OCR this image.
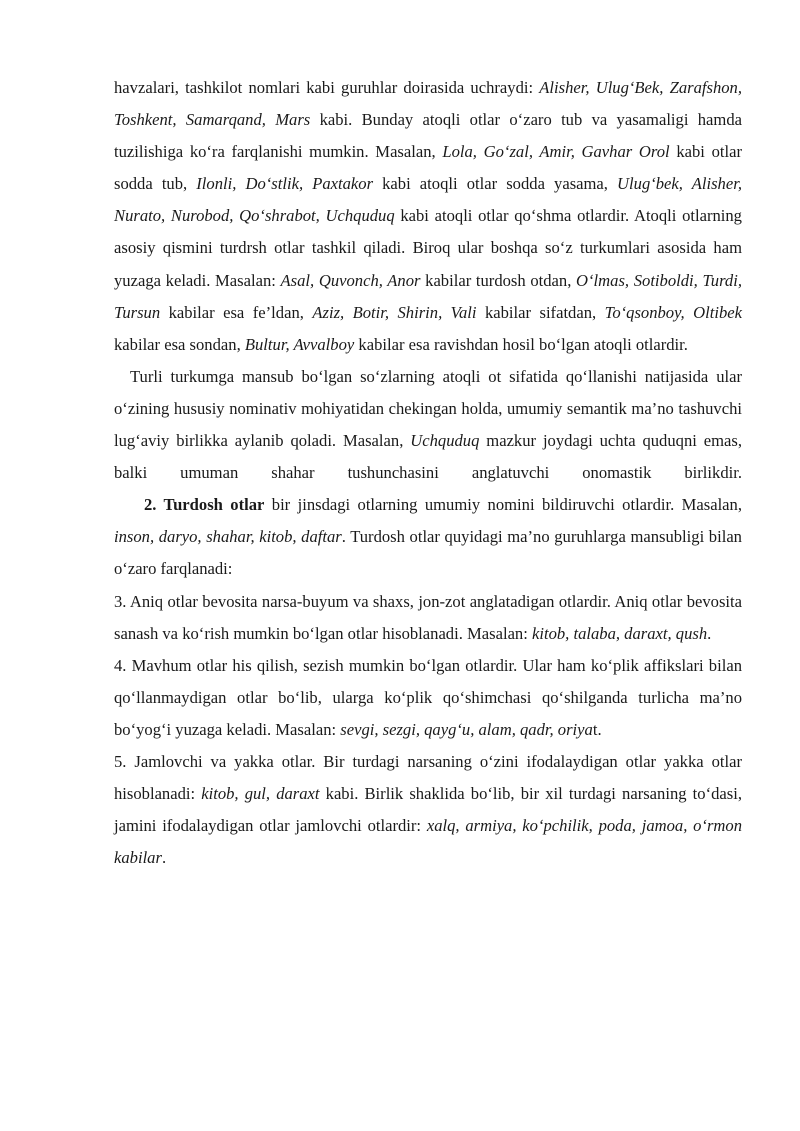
havzalari, tashkilot nomlari kabi guruhlar doirasida uchraydi: Alisher, Ulug‘Bek, Zarafshon, Toshkent, Samarqand, Mars kabi. Bunday atoqli otlar o‘zaro tub va yasamaligi hamda tuzilishiga ko‘ra farqlanishi mumkin. Masalan, Lola, Go‘zal, Amir, Gavhar Orol kabi otlar sodda tub, Ilonli, Do‘stlik, Paxtakor kabi atoqli otlar sodda yasama, Ulug‘bek, Alisher, Nurato, Nurobod, Qo‘shrabot, Uchquduq kabi atoqli otlar qo‘shma otlardir. Atoqli otlarning asosiy qismini turdrsh otlar tashkil qiladi. Biroq ular boshqa so‘z turkumlari asosida ham yuzaga keladi. Masalan: Asal, Quvonch, Anor kabilar turdosh otdan, O‘lmas, Sotiboldi, Turdi, Tursun kabilar esa fe’ldan, Aziz, Botir, Shirin, Vali kabilar sifatdan, To‘qsonboy, Oltibek kabilar esa sondan, Bultur, Avvalboy kabilar esa ravishdan hosil bo‘lgan atoqli otlardir.

Turli turkumga mansub bo‘lgan so‘zlarning atoqli ot sifatida qo‘llanishi natijasida ular o‘zining hususiy nominativ mohiyatidan chekingan holda, umumiy semantik ma’no tashuvchi lug‘aviy birlikka aylanib qoladi. Masalan, Uchquduq mazkur joydagi uchta quduqni emas, balki umuman shahar tushunchasini anglatuvchi onomastik birlikdir.

2. Turdosh otlar bir jinsdagi otlarning umumiy nomini bildiruvchi otlardir. Masalan, inson, daryo, shahar, kitob, daftar. Turdosh otlar quyidagi ma’no guruhlarga mansubligi bilan o‘zaro farqlanadi:

3. Aniq otlar bevosita narsa-buyum va shaxs, jon-zot anglatadigan otlardir. Aniq otlar bevosita sanash va ko‘rish mumkin bo‘lgan otlar hisoblanadi. Masalan: kitob, talaba, daraxt, qush.

4. Mavhum otlar his qilish, sezish mumkin bo‘lgan otlardir. Ular ham ko‘plik affikslari bilan qo‘llanmaydigan otlar bo‘lib, ularga ko‘plik qo‘shimchasi qo‘shilganda turlicha ma’no bo‘yog‘i yuzaga keladi. Masalan: sevgi, sezgi, qayg‘u, alam, qadr, oriyat.

5. Jamlovchi va yakka otlar. Bir turdagi narsaning o‘zini ifodalaydigan otlar yakka otlar hisoblanadi: kitob, gul, daraxt kabi. Birlik shaklida bo‘lib, bir xil turdagi narsaning to‘dasi, jamini ifodalaydigan otlar jamlovchi otlardir: xalq, armiya, ko‘pchilik, poda, jamoa, o‘rmon kabilar.
